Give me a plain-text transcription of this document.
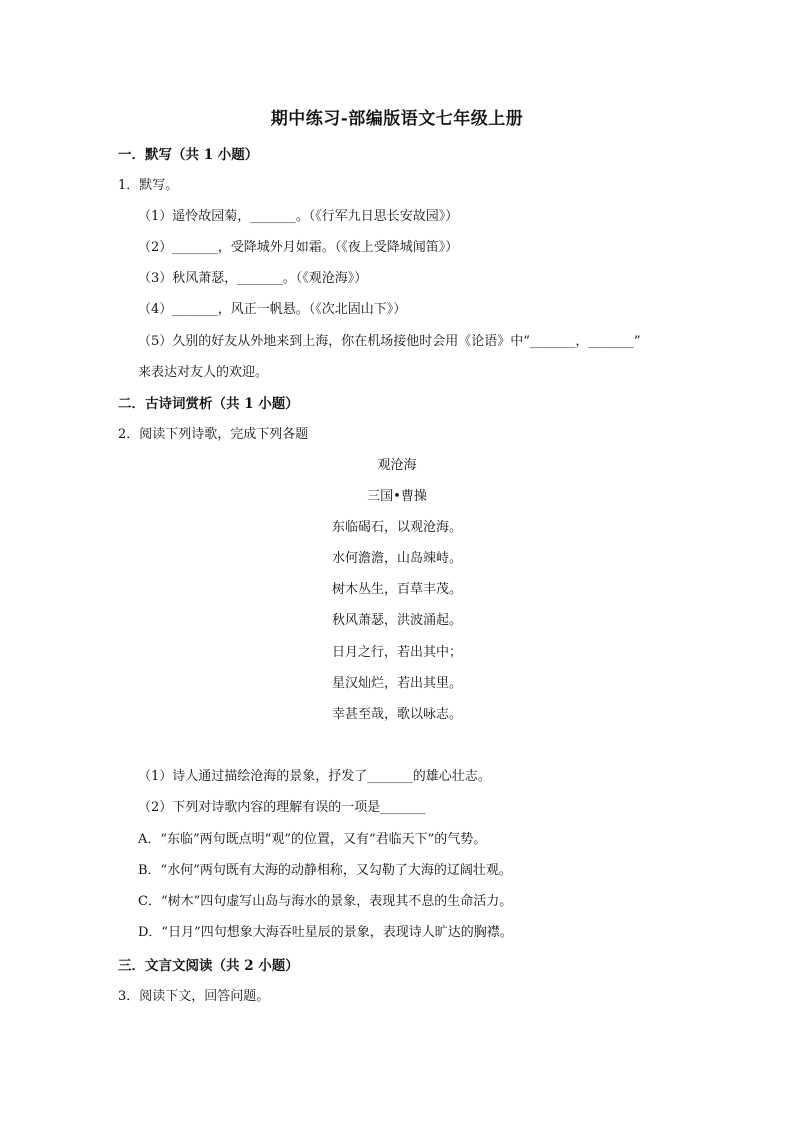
期中练习-部编版语文七年级上册
一．默写（共 1 小题）
1．默写。
（1）遥怜故园菊，_______。（《行军九日思长安故园》）
（2）_______，受降城外月如霜。（《夜上受降城闻笛》）
（3）秋风萧瑟，_______。（《观沧海》）
（4）_______，风正一帆悬。（《次北固山下》）
（5）久别的好友从外地来到上海，你在机场接他时会用《论语》中“_______，_______”
来表达对友人的欢迎。
二．古诗词赏析（共 1 小题）
2．阅读下列诗歌，完成下列各题
观沧海
三国•曹操
东临碣石，以观沧海。
水何澹澹，山岛竦峙。
树木丛生，百草丰茂。
秋风萧瑟，洪波涌起。
日月之行，若出其中；
星汉灿烂，若出其里。
幸甚至哉，歌以咏志。
（1）诗人通过描绘沧海的景象，抒发了_______的雄心壮志。
（2）下列对诗歌内容的理解有误的一项是_______
A．“东临”两句既点明“观”的位置，又有“君临天下”的气势。
B．“水何”两句既有大海的动静相称，又勾勒了大海的辽阔壮观。
C．“树木”四句虚写山岛与海水的景象，表现其不息的生命活力。
D．“日月”四句想象大海吞吐星辰的景象，表现诗人旷达的胸襟。
三．文言文阅读（共 2 小题）
3．阅读下文，回答问题。
